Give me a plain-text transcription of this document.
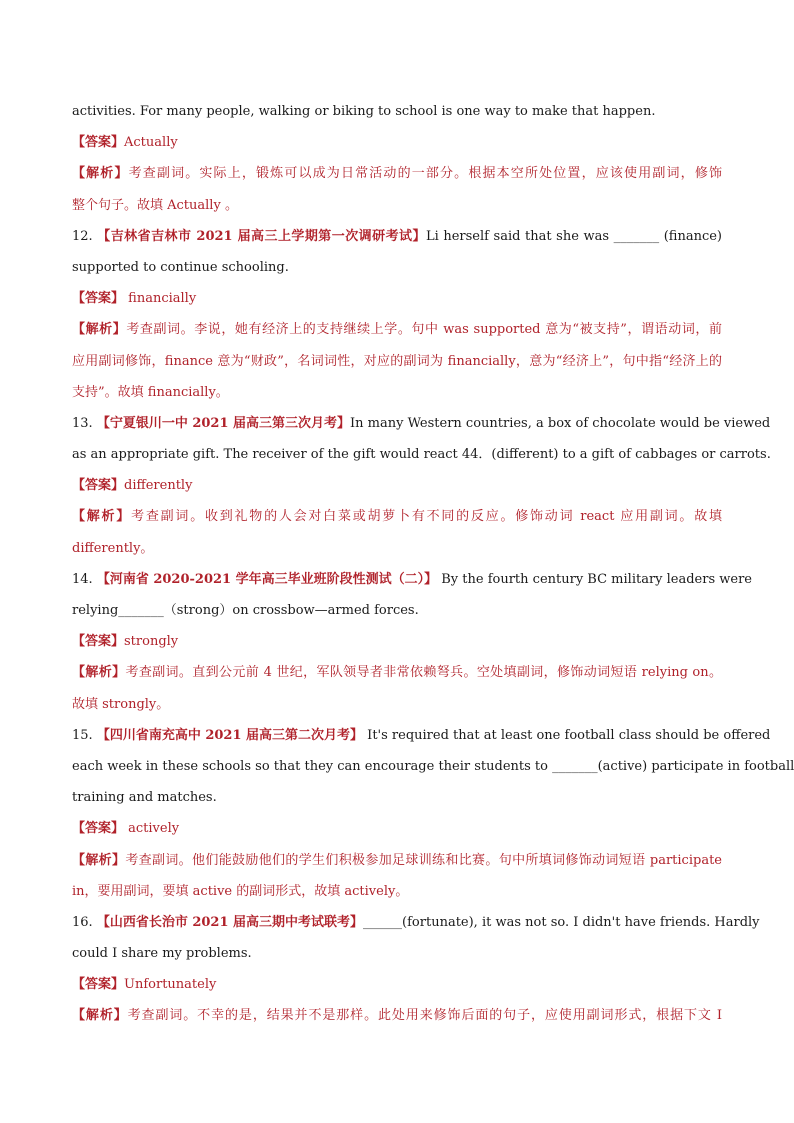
activities. For many people, walking or biking to school is one way to make that happen.
【答案】Actually
【解析】考查副词。实际上，锻炼可以成为日常活动的一部分。根据本空所处位置，应该使用副词，修饰
整个句子。故填 Actually 。
12. 【吉林省吉林市 2021 届高三上学期第一次调研考试】Li herself said that she was _______ (finance)
supported to continue schooling.
【答案】 financially
【解析】考查副词。李说，她有经济上的支持继续上学。句中 was supported 意为“被支持”，谓语动词，前
应用副词修饰，finance 意为“财政”，名词词性，对应的副词为 financially，意为“经济上”，句中指“经济上的
支持”。故填 financially。
13. 【宁夏银川一中 2021 届高三第三次月考】In many Western countries, a box of chocolate would be viewed
as an appropriate gift. The receiver of the gift would react 44．(different) to a gift of cabbages or carrots.
【答案】differently
【解析】考查副词。收到礼物的人会对白菜或胡萝卜有不同的反应。修饰动词 react 应用副词。故填
differently。
14. 【河南省 2020-2021 学年高三毕业班阶段性测试（二）】 By the fourth century BC military leaders were
relying_______（strong）on crossbow—armed forces.
【答案】strongly
【解析】考查副词。直到公元前 4 世纪，军队领导者非常依赖弩兵。空处填副词，修饰动词短语 relying on。
故填 strongly。
15. 【四川省南充高中 2021 届高三第二次月考】 It's required that at least one football class should be offered
each week in these schools so that they can encourage their students to _______(active) participate in football
training and matches.
【答案】 actively
【解析】考查副词。他们能鼓励他们的学生们积极参加足球训练和比赛。句中所填词修饰动词短语 participate
in，要用副词，要填 active 的副词形式，故填 actively。
16. 【山西省长治市 2021 届高三期中考试联考】______(fortunate), it was not so. I didn't have friends. Hardly
could I share my problems.
【答案】Unfortunately
【解析】考查副词。不幸的是，结果并不是那样。此处用来修饰后面的句子，应使用副词形式，根据下文 I
